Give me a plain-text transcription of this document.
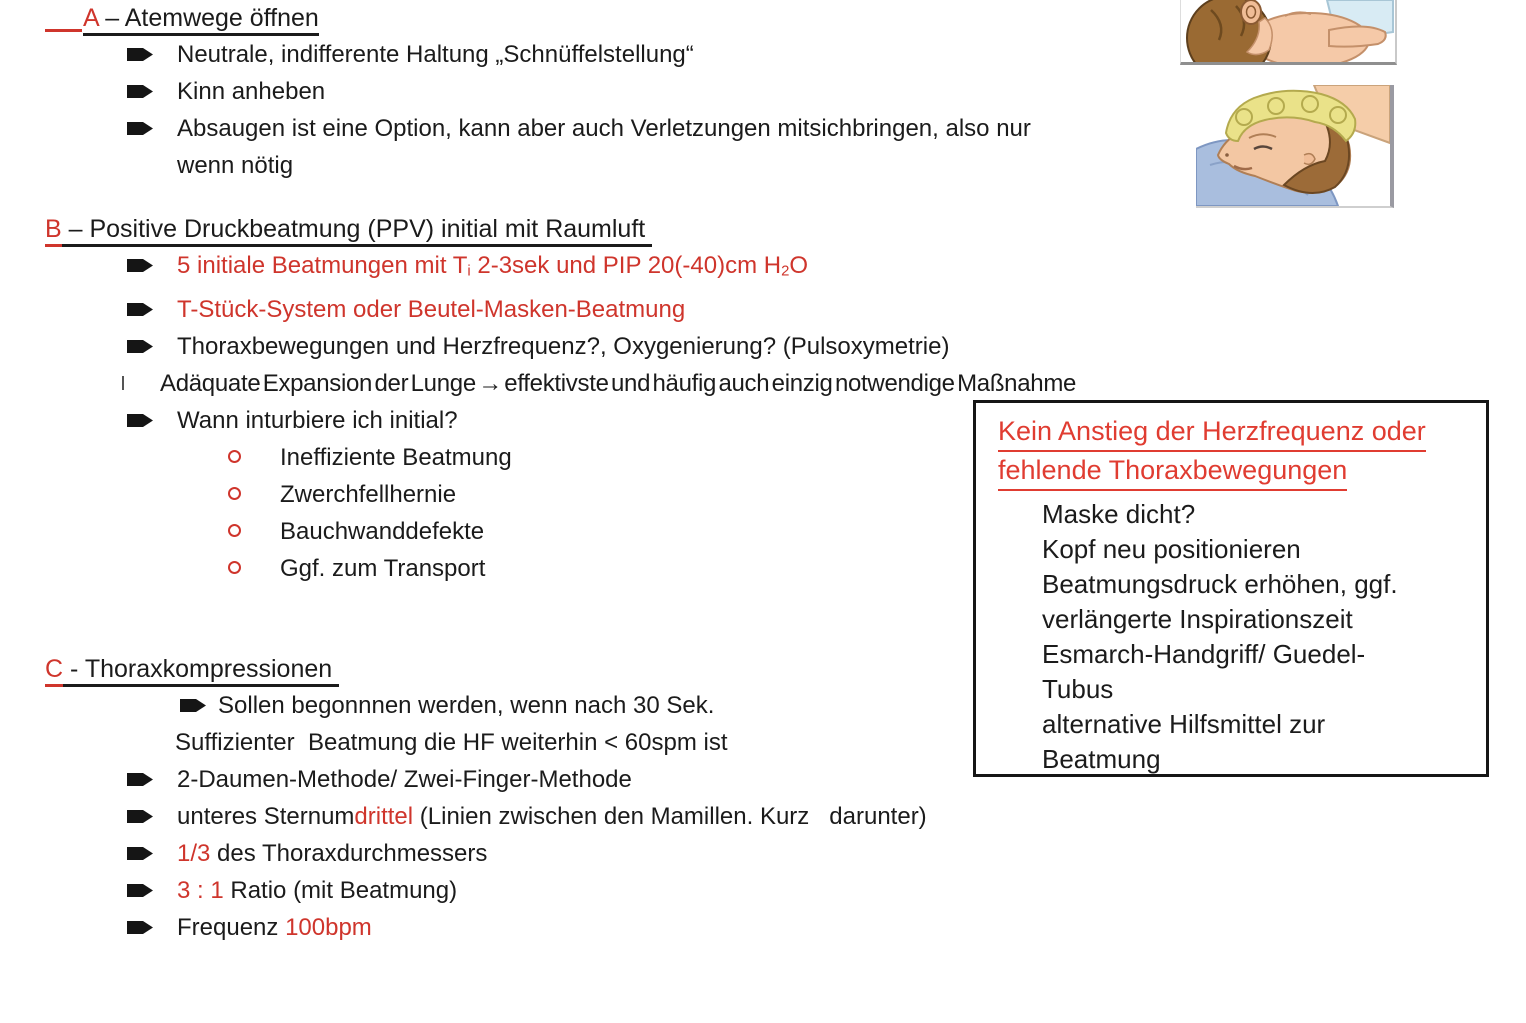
A – Atemwege öffnen
Neutrale, indifferente Haltung „Schnüffelstellung“
Kinn anheben
Absaugen ist eine Option, kann aber auch Verletzungen mitsichbringen, also nur
wenn nötig
B – Positive Druckbeatmung (PPV) initial mit Raumluft
5 initiale Beatmungen mit Ti 2-3sek und PIP 20(-40)cm H2O
T-Stück-System oder Beutel-Masken-Beatmung
Thoraxbewegungen und Herzfrequenz?, Oxygenierung? (Pulsoxymetrie)
Adäquate Expansion der Lunge → effektivste und häufig auch einzig notwendige Maßnahme
Wann inturbiere ich initial?
Ineffiziente Beatmung
Zwerchfellhernie
Bauchwanddefekte
Ggf. zum Transport
Kein Anstieg der Herzfrequenz oder
fehlende Thoraxbewegungen
Maske dicht?
Kopf neu positionieren
Beatmungsdruck erhöhen, ggf.
verlängerte Inspirationszeit
Esmarch-Handgriff/ Guedel-
Tubus
alternative Hilfsmittel zur
Beatmung
C - Thoraxkompressionen
Sollen begonnnen werden, wenn nach 30 Sek.
Suffizienter  Beatmung die HF weiterhin < 60spm ist
2-Daumen-Methode/ Zwei-Finger-Methode
unteres Sternumdrittel (Linien zwischen den Mamillen. Kurz   darunter)
1/3 des Thoraxdurchmessers
3 : 1 Ratio (mit Beatmung)
Frequenz 100bpm
